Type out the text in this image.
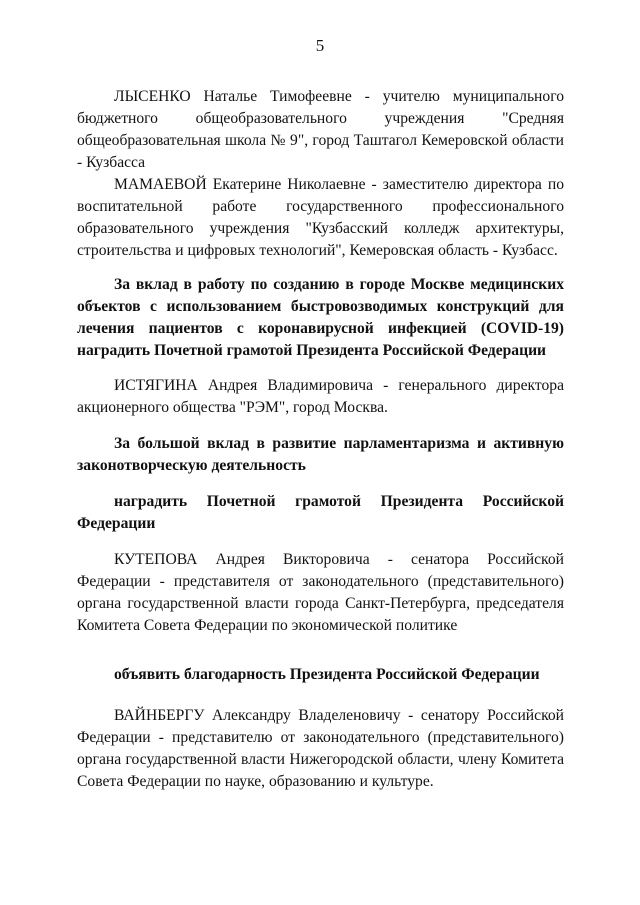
5

ЛЫСЕНКО Наталье Тимофеевне - учителю муниципального бюджетного общеобразовательного учреждения "Средняя общеобразовательная школа № 9", город Таштагол Кемеровской области - Кузбасса

МАМАЕВОЙ Екатерине Николаевне - заместителю директора по воспитательной работе государственного профессионального образовательного учреждения "Кузбасский колледж архитектуры, строительства и цифровых технологий", Кемеровская область - Кузбасс.

За вклад в работу по созданию в городе Москве медицинских объектов с использованием быстровозводимых конструкций для лечения пациентов с коронавирусной инфекцией (COVID-19) наградить Почетной грамотой Президента Российской Федерации

ИСТЯГИНА Андрея Владимировича - генерального директора акционерного общества "РЭМ", город Москва.

За большой вклад в развитие парламентаризма и активную законотворческую деятельность

наградить Почетной грамотой Президента Российской Федерации

КУТЕПОВА Андрея Викторовича - сенатора Российской Федерации - представителя от законодательного (представительного) органа государственной власти города Санкт-Петербурга, председателя Комитета Совета Федерации по экономической политике

объявить благодарность Президента Российской Федерации

ВАЙНБЕРГУ Александру Владеленовичу - сенатору Российской Федерации - представителю от законодательного (представительного) органа государственной власти Нижегородской области, члену Комитета Совета Федерации по науке, образованию и культуре.
